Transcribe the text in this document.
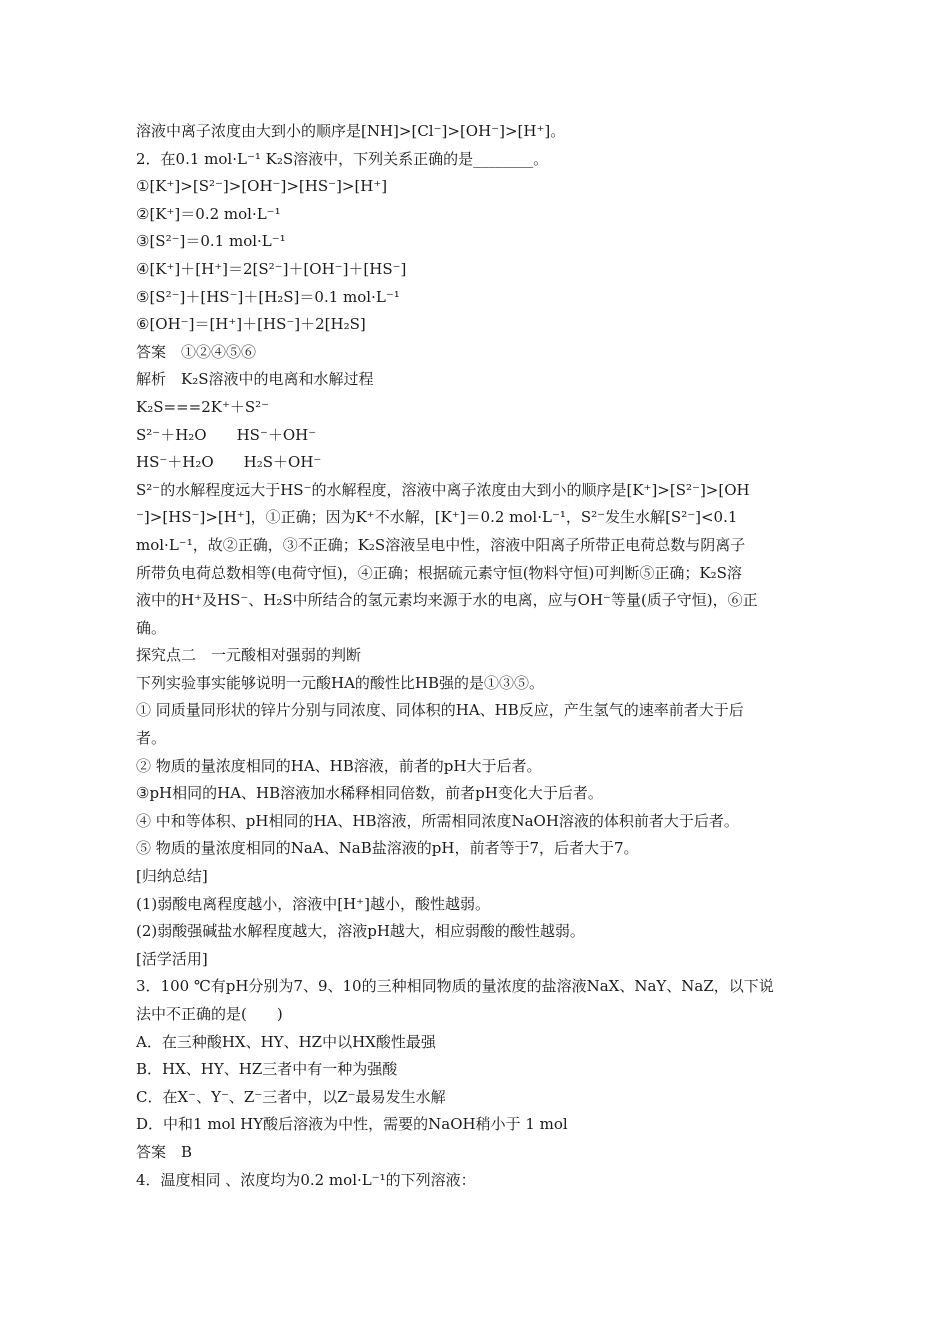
溶液中离子浓度由大到小的顺序是[NH]>[Cl⁻]>[OH⁻]>[H⁺]。
2．在0.1 mol·L⁻¹ K₂S溶液中，下列关系正确的是________。
①[K⁺]>[S²⁻]>[OH⁻]>[HS⁻]>[H⁺]
②[K⁺]＝0.2 mol·L⁻¹
③[S²⁻]＝0.1 mol·L⁻¹
④[K⁺]＋[H⁺]＝2[S²⁻]＋[OH⁻]＋[HS⁻]
⑤[S²⁻]＋[HS⁻]＋[H₂S]＝0.1 mol·L⁻¹
⑥[OH⁻]＝[H⁺]＋[HS⁻]＋2[H₂S]
答案　①②④⑤⑥
解析　K₂S溶液中的电离和水解过程
K₂S===2K⁺＋S²⁻
S²⁻＋H₂O　　HS⁻＋OH⁻
HS⁻＋H₂O　　H₂S＋OH⁻
S²⁻的水解程度远大于HS⁻的水解程度，溶液中离子浓度由大到小的顺序是[K⁺]>[S²⁻]>[OH
⁻]>[HS⁻]>[H⁺]，①正确；因为K⁺不水解，[K⁺]＝0.2 mol·L⁻¹，S²⁻发生水解[S²⁻]<0.1
mol·L⁻¹，故②正确，③不正确；K₂S溶液呈电中性，溶液中阳离子所带正电荷总数与阴离子
所带负电荷总数相等(电荷守恒)，④正确；根据硫元素守恒(物料守恒)可判断⑤正确；K₂S溶
液中的H⁺及HS⁻、H₂S中所结合的氢元素均来源于水的电离，应与OH⁻等量(质子守恒)，⑥正
确。
探究点二　一元酸相对强弱的判断
下列实验事实能够说明一元酸HA的酸性比HB强的是①③⑤。
① 同质量同形状的锌片分别与同浓度、同体积的HA、HB反应，产生氢气的速率前者大于后
者。
② 物质的量浓度相同的HA、HB溶液，前者的pH大于后者。
③pH相同的HA、HB溶液加水稀释相同倍数，前者pH变化大于后者。
④ 中和等体积、pH相同的HA、HB溶液，所需相同浓度NaOH溶液的体积前者大于后者。
⑤ 物质的量浓度相同的NaA、NaB盐溶液的pH，前者等于7，后者大于7。
[归纳总结]
(1)弱酸电离程度越小，溶液中[H⁺]越小，酸性越弱。
(2)弱酸强碱盐水解程度越大，溶液pH越大，相应弱酸的酸性越弱。
[活学活用]
3．100 ℃有pH分别为7、9、10的三种相同物质的量浓度的盐溶液NaX、NaY、NaZ，以下说
法中不正确的是(　　)
A．在三种酸HX、HY、HZ中以HX酸性最强
B．HX、HY、HZ三者中有一种为强酸
C．在X⁻、Y⁻、Z⁻三者中，以Z⁻最易发生水解
D．中和1 mol HY酸后溶液为中性，需要的NaOH稍小于 1 mol
答案　B
4．温度相同 、浓度均为0.2 mol·L⁻¹的下列溶液：
